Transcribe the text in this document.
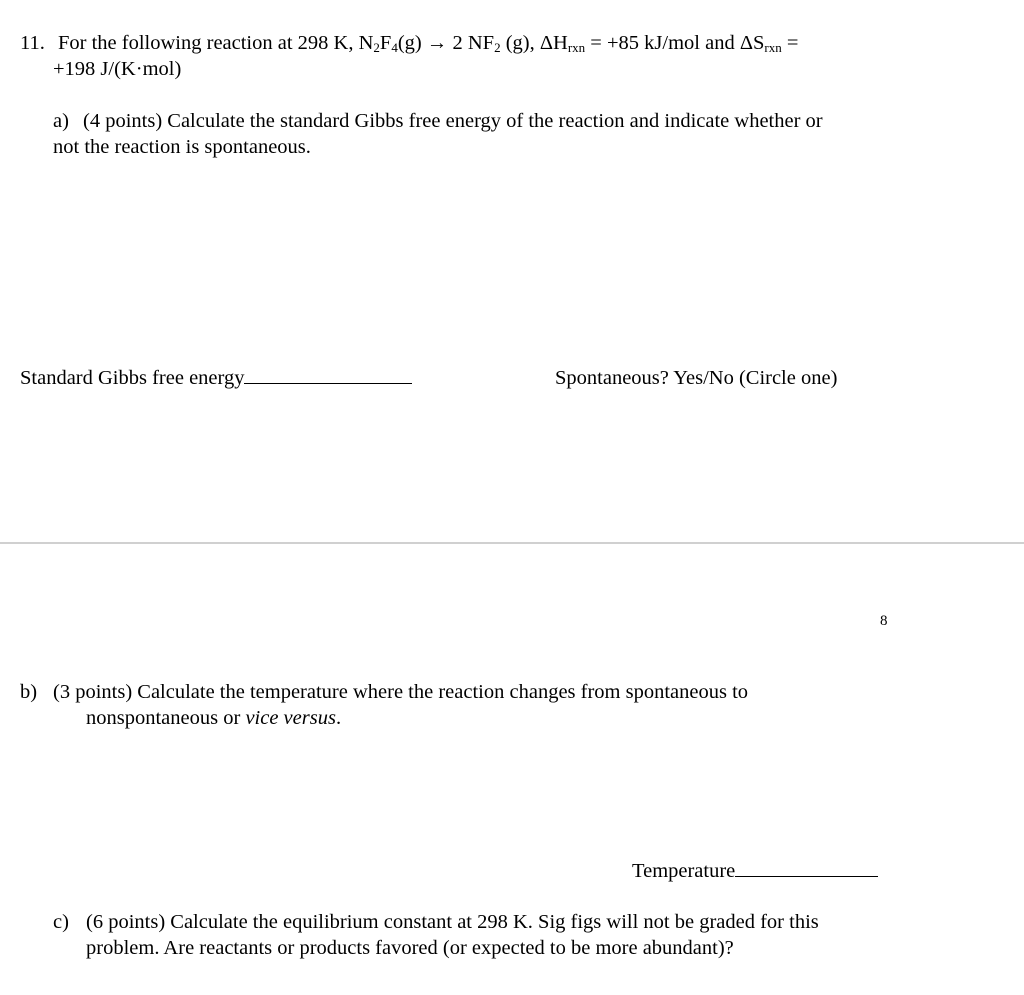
11. For the following reaction at 298 K, $N_2F_4(g) \to 2$ $NF_2$ (g), $\Delta H_{rxn} = +85$ kJ/mol and $\Delta S_{rxn}$ =
+198 J/(K·mol)
a) (4 points) Calculate the standard Gibbs free energy of the reaction and indicate whether or
not the reaction is spontaneous.
Standard Gibbs free energy	Spontaneous? Yes/No (Circle one)
8
b) (3 points) Calculate the temperature where the reaction changes from spontaneous to
nonspontaneous or vice versus.
Temperature
c) (6 points) Calculate the equilibrium constant at 298 K. Sig figs will not be graded for this
problem. Are reactants or products favored (or expected to be more abundant)?
